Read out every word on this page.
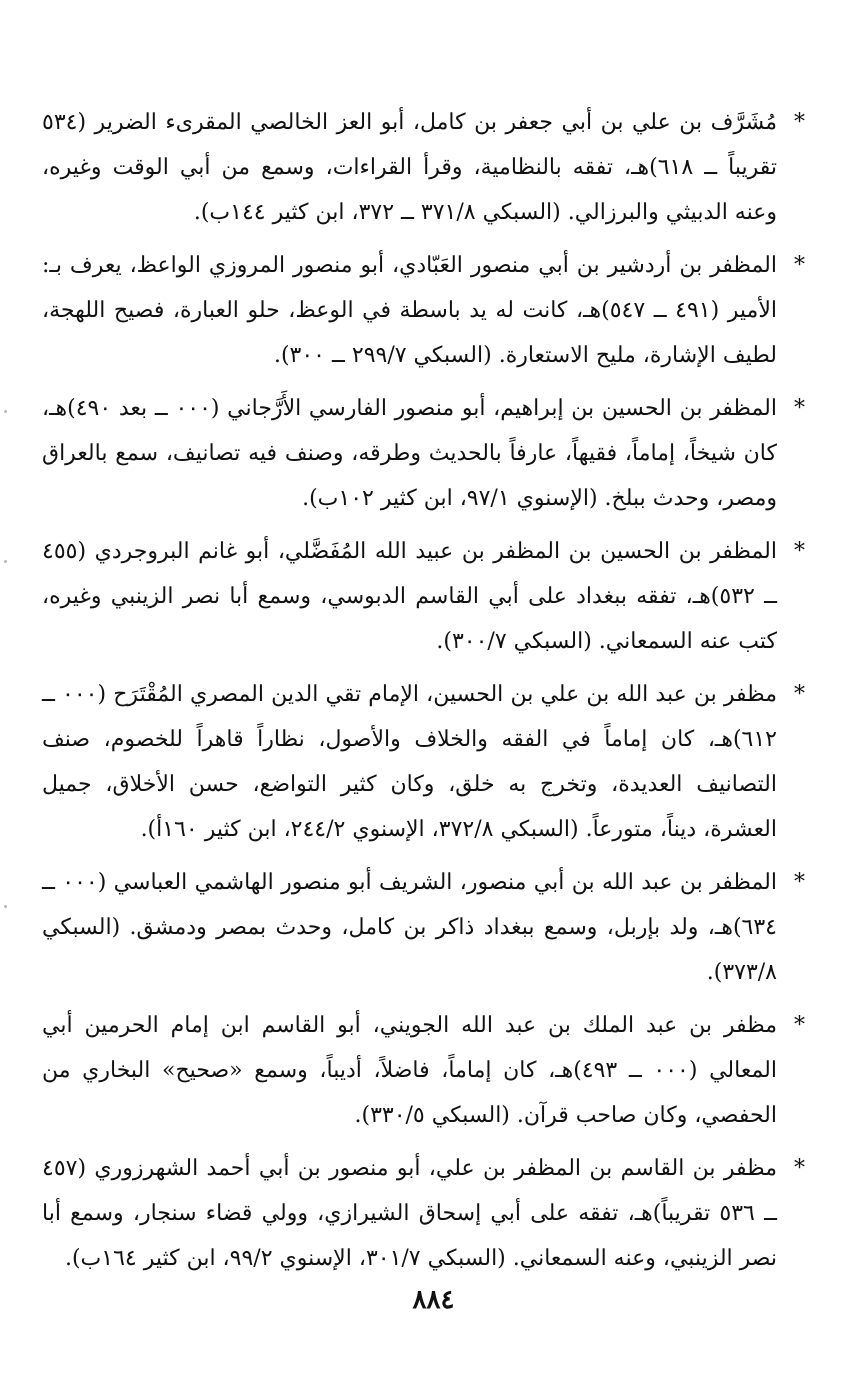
*
مُشَرَّف بن علي بن أبي جعفر بن كامل، أبو العز الخالصي المقرىء الضرير (٥٣٤ تقريباً ــ ٦١٨)هـ، تفقه بالنظامية، وقرأ القراءات، وسمع من أبي الوقت وغيره، وعنه الدبيثي والبرزالي. (السبكي ٣٧١/٨ ــ ٣٧٢، ابن كثير ١٤٤ب).
*
المظفر بن أردشير بن أبي منصور العَبّادي، أبو منصور المروزي الواعظ، يعرف بـ: الأمير (٤٩١ ــ ٥٤٧)هـ، كانت له يد باسطة في الوعظ، حلو العبارة، فصيح اللهجة، لطيف الإشارة، مليح الاستعارة. (السبكي ٢٩٩/٧ ــ ٣٠٠).
*
المظفر بن الحسين بن إبراهيم، أبو منصور الفارسي الأَرَّجاني (٠٠٠ ــ بعد ٤٩٠)هـ، كان شيخاً، إماماً، فقيهاً، عارفاً بالحديث وطرقه، وصنف فيه تصانيف، سمع بالعراق ومصر، وحدث ببلخ. (الإسنوي ٩٧/١، ابن كثير ١٠٢ب).
*
المظفر بن الحسين بن المظفر بن عبيد الله المُفَضَّلي، أبو غانم البروجردي (٤٥٥ ــ ٥٣٢)هـ، تفقه ببغداد على أبي القاسم الدبوسي، وسمع أبا نصر الزينبي وغيره، كتب عنه السمعاني. (السبكي ٣٠٠/٧).
*
مظفر بن عبد الله بن علي بن الحسين، الإمام تقي الدين المصري المُقْتَرَح (٠٠٠ ــ ٦١٢)هـ، كان إماماً في الفقه والخلاف والأصول، نظاراً قاهراً للخصوم، صنف التصانيف العديدة، وتخرج به خلق، وكان كثير التواضع، حسن الأخلاق، جميل العشرة، ديناً، متورعاً. (السبكي ٣٧٢/٨، الإسنوي ٢٤٤/٢، ابن كثير ١٦٠أ).
*
المظفر بن عبد الله بن أبي منصور، الشريف أبو منصور الهاشمي العباسي (٠٠٠ ــ ٦٣٤)هـ، ولد بإربل، وسمع ببغداد ذاكر بن كامل، وحدث بمصر ودمشق. (السبكي ٣٧٣/٨).
*
مظفر بن عبد الملك بن عبد الله الجويني، أبو القاسم ابن إمام الحرمين أبي المعالي (٠٠٠ ــ ٤٩٣)هـ، كان إماماً، فاضلاً، أديباً، وسمع «صحيح» البخاري من الحفصي، وكان صاحب قرآن. (السبكي ٣٣٠/٥).
*
مظفر بن القاسم بن المظفر بن علي، أبو منصور بن أبي أحمد الشهرزوري (٤٥٧ ــ ٥٣٦ تقريباً)هـ، تفقه على أبي إسحاق الشيرازي، وولي قضاء سنجار، وسمع أبا نصر الزينبي، وعنه السمعاني. (السبكي ٣٠١/٧، الإسنوي ٩٩/٢، ابن كثير ١٦٤ب).
٨٨٤
